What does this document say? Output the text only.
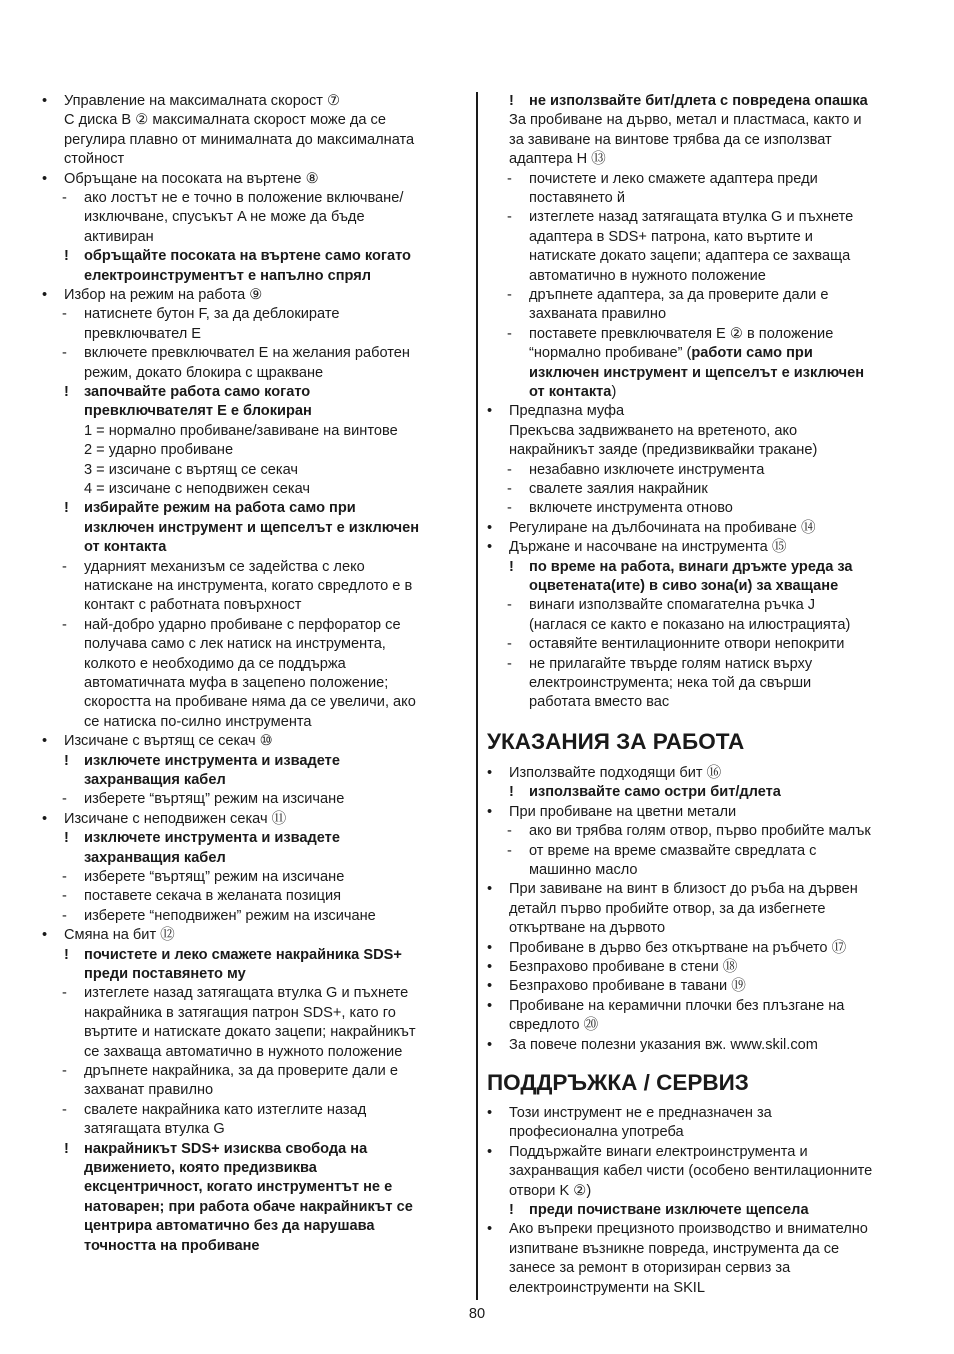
• Управление на максималната скорост ⑦
С диска B ② максималната скорост може да се
регулира плавно от минималната до максималната
стойност
• Обръщане на посоката на въртене ⑧
- ако лостът не е точно в положение включване/
изключване, спусъкът A не може да бъде
активиран
! обръщайте посоката на въртене само когато
електроинструментът е напълно спрял
• Избор на режим на работа ⑨
- натиснете бутон F, за да деблокирате
превключвател E
- включете превключвател E на желания работен
режим, докато блокира с щракване
! започвайте работа само когато
превключвателят E е блокиран
1 = нормално пробиване/завиване на винтове
2 = ударно пробиване
3 = изсичане с въртящ се секач
4 = изсичане с неподвижен секач
! избирайте режим на работа само при
изключен инструмент и щепселът е изключен
от контакта
- ударният механизъм се задейства с леко
натискане на инструмента, когато свредлото е в
контакт с работната повърхност
- най-добро ударно пробиване с перфоратор се
получава само с лек натиск на инструмента,
колкото е необходимо да се поддържа
автоматичната муфа в зацепено положение;
скоростта на пробиване няма да се увеличи, ако
се натиска по-силно инструмента
• Изсичане с въртящ се секач ⑩
! изключете инструмента и извадете
захранващия кабел
- изберете “въртящ” режим на изсичане
• Изсичане с неподвижен секач ⑪
! изключете инструмента и извадете
захранващия кабел
- изберете “въртящ” режим на изсичане
- поставете секача в желаната позиция
- изберете “неподвижен” режим на изсичане
• Смяна на бит ⑫
! почистете и леко смажете накрайника SDS+
преди поставянето му
- изтеглете назад затягащата втулка G и пъхнете
накрайника в затягащия патрон SDS+, като го
въртите и натискате докато зацепи; накрайникът
се захваща автоматично в нужното положение
- дръпнете накрайника, за да проверите дали е
захванат правилно
- свалете накрайника като изтеглите назад
затягащата втулка G
! накрайникът SDS+ изисква свобода на
движението, която предизвиква
ексцентричност, когато инструментът не е
натоварен; при работа обаче накрайникът се
центрира автоматично без да нарушава
точността на пробиване
! не използвайте бит/длета с повредена опашка
За пробиване на дърво, метал и пластмаса, както и
за завиване на винтове трябва да се използват
адаптера H ⑬
- почистете и леко смажете адаптера преди
поставянето й
- изтеглете назад затягащата втулка G и пъхнете
адаптера в SDS+ патрона, като въртите и
натискате докато зацепи; адаптера се захваща
автоматично в нужното положение
- дръпнете адаптера, за да проверите дали е
захваната правилно
- поставете превключвателя E ② в положение
“нормално пробиване” (работи само при
изключен инструмент и щепселът е изключен
от контакта)
• Предпазна муфа
Прекъсва задвижването на вретеното, ако
накрайникът заяде (предизвиквайки тракане)
- незабавно изключете инструмента
- свалете заялия накрайник
- включете инструмента отново
• Регулиране на дълбочината на пробиване ⑭
• Държане и насочване на инструмента ⑮
! по време на работа, винаги дръжте уреда за
оцветената(ите) в сиво зона(и) за хващане
- винаги използвайте спомагателна ръчка J
(наглася се както е показано на илюстрацията)
- оставяйте вентилационните отвори непокрити
- не прилагайте твърде голям натиск върху
електроинструмента; нека той да свърши
работата вместо вас
УКАЗАНИЯ ЗА РАБОТА
• Използвайте подходящи бит ⑯
! използвайте само остри бит/длета
• При пробиване на цветни метали
- ако ви трябва голям отвор, първо пробийте малък
- от време на време смазвайте свредлата с
машинно масло
• При завиване на винт в близост до ръба на дървен
детайл първо пробийте отвор, за да избегнете
откъртване на дървото
• Пробиване в дърво без откъртване на ръбчето ⑰
• Безпрахово пробиване в стени ⑱
• Безпрахово пробиване в тавани ⑲
• Пробиване на керамични плочки без плъзгане на
свредлото ⑳
• За повече полезни указания вж. www.skil.com
ПОДДРЪЖКА / СЕРВИЗ
• Този инструмент не е предназначен за
професионална употреба
• Поддържайте винаги електроинструмента и
захранващия кабел чисти (особено вентилационните
отвори K ②)
! преди почистване изключете щепсела
• Ако въпреки прецизното производство и внимателно
изпитване възникне повреда, инструмента да се
занесе за ремонт в оторизиран сервиз за
електроинструменти на SKIL
80
